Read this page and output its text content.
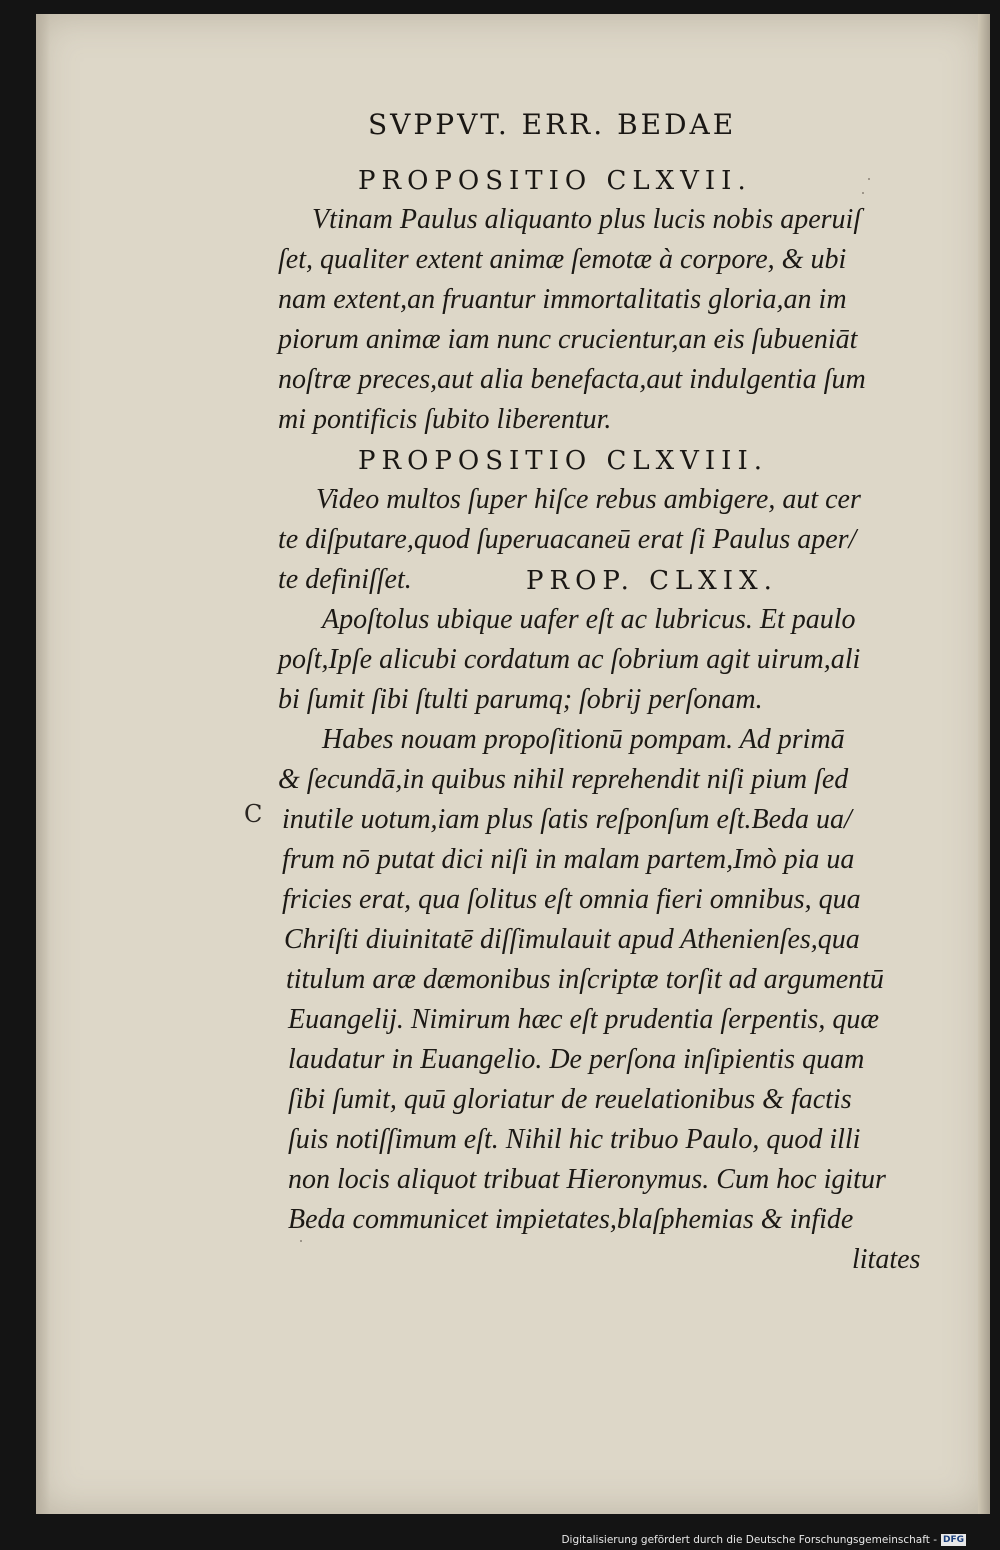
SVPPVT. ERR. BEDAE
PROPOSITIO CLXVII.
Vtinam Paulus aliquanto plus lucis nobis aperuiſ
ſet, qualiter extent animæ ſemotæ à corpore, & ubi
nam extent,an fruantur immortalitatis gloria,an im
piorum animæ iam nunc crucientur,an eis ſubueniāt
noſtræ preces,aut alia benefacta,aut indulgentia ſum
mi pontificis ſubito liberentur.
Video multos ſuper hiſce rebus ambigere, aut cer
te diſputare,quod ſuperuacaneū erat ſi Paulus aper/
te definiſſet.
Apoſtolus ubique uafer eſt ac lubricus. Et paulo
poſt,Ipſe alicubi cordatum ac ſobrium agit uirum,ali
bi ſumit ſibi ſtulti parumq; ſobrij perſonam.
Habes nouam propoſitionū pompam. Ad primā
& ſecundā,in quibus nihil reprehendit niſi pium ſed
inutile uotum,iam plus ſatis reſponſum eſt.Beda ua/
frum nō putat dici niſi in malam partem,Imò pia ua
fricies erat, qua ſolitus eſt omnia fieri omnibus, qua
Chriſti diuinitatē diſſimulauit apud Athenienſes,qua
titulum aræ dæmonibus inſcriptæ torſit ad argumentū
Euangelij. Nimirum hæc eſt prudentia ſerpentis, quæ
laudatur in Euangelio. De perſona inſipientis quam
ſibi ſumit, quū gloriatur de reuelationibus & factis
ſuis notiſſimum eſt. Nihil hic tribuo Paulo, quod illi
non locis aliquot tribuat Hieronymus. Cum hoc igitur
Beda communicet impietates,blaſphemias & infide
litates
PROPOSITIO CLXVIII.
PROP. CLXIX.
C
Digitalisierung gefördert durch die Deutsche Forschungsgemeinschaft - DFG
